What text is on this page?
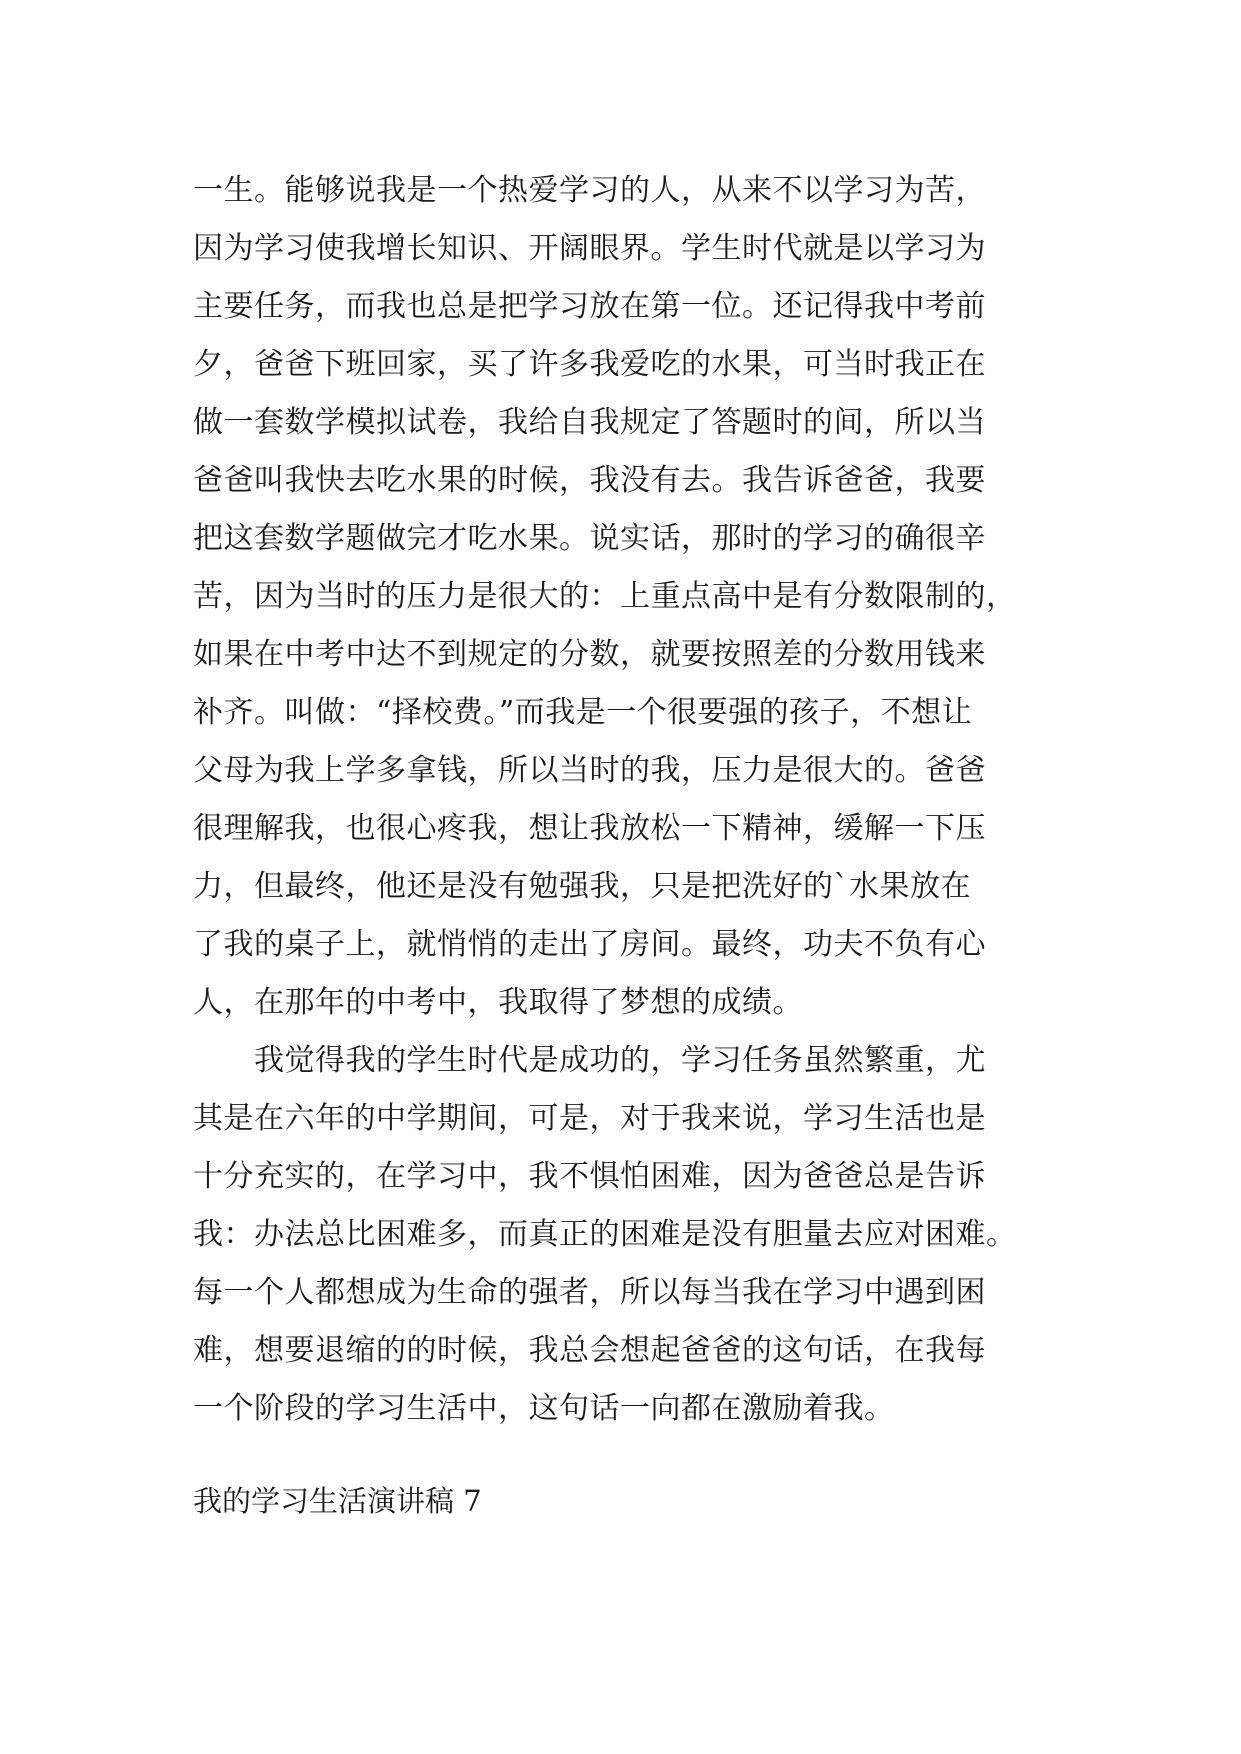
一生。能够说我是一个热爱学习的人，从来不以学习为苦，
因为学习使我增长知识、开阔眼界。学生时代就是以学习为
主要任务，而我也总是把学习放在第一位。还记得我中考前
夕，爸爸下班回家，买了许多我爱吃的水果，可当时我正在
做一套数学模拟试卷，我给自我规定了答题时的间，所以当
爸爸叫我快去吃水果的时候，我没有去。我告诉爸爸，我要
把这套数学题做完才吃水果。说实话，那时的学习的确很辛
苦，因为当时的压力是很大的：上重点高中是有分数限制的，
如果在中考中达不到规定的分数，就要按照差的分数用钱来
补齐。叫做：“择校费。”而我是一个很要强的孩子，不想让
父母为我上学多拿钱，所以当时的我，压力是很大的。爸爸
很理解我，也很心疼我，想让我放松一下精神，缓解一下压
力，但最终，他还是没有勉强我，只是把洗好的`水果放在
了我的桌子上，就悄悄的走出了房间。最终，功夫不负有心
人，在那年的中考中，我取得了梦想的成绩。
　　我觉得我的学生时代是成功的，学习任务虽然繁重，尤
其是在六年的中学期间，可是，对于我来说，学习生活也是
十分充实的，在学习中，我不惧怕困难，因为爸爸总是告诉
我：办法总比困难多，而真正的困难是没有胆量去应对困难。
每一个人都想成为生命的强者，所以每当我在学习中遇到困
难，想要退缩的的时候，我总会想起爸爸的这句话，在我每
一个阶段的学习生活中，这句话一向都在激励着我。
我的学习生活演讲稿 7
